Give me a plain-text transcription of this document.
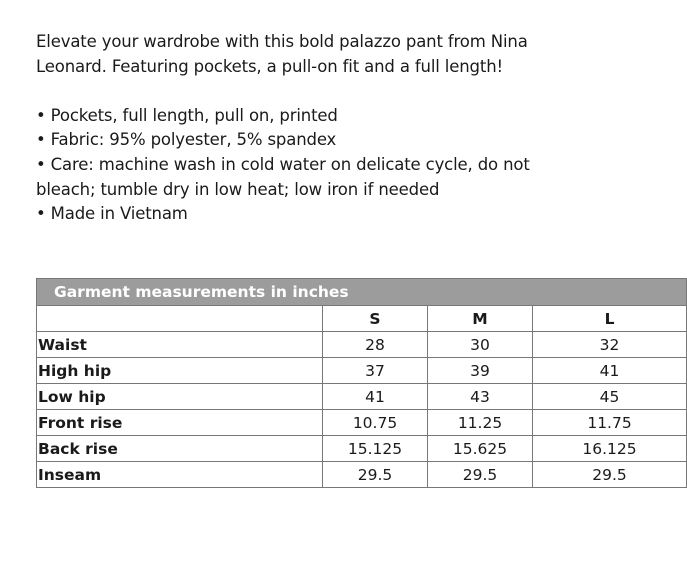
Elevate your wardrobe with this bold palazzo pant from Nina Leonard. Featuring pockets, a pull-on fit and a full length!

• Pockets, full length, pull on, printed

• Fabric: 95% polyester, 5% spandex

• Care: machine wash in cold water on delicate cycle, do not bleach; tumble dry in low heat; low iron if needed

• Made in Vietnam

Garment measurements in inches			
	S	M	L
Waist	28	30	32
High hip	37	39	41
Low hip	41	43	45
Front rise	10.75	11.25	11.75
Back rise	15.125	15.625	16.125
Inseam	29.5	29.5	29.5
